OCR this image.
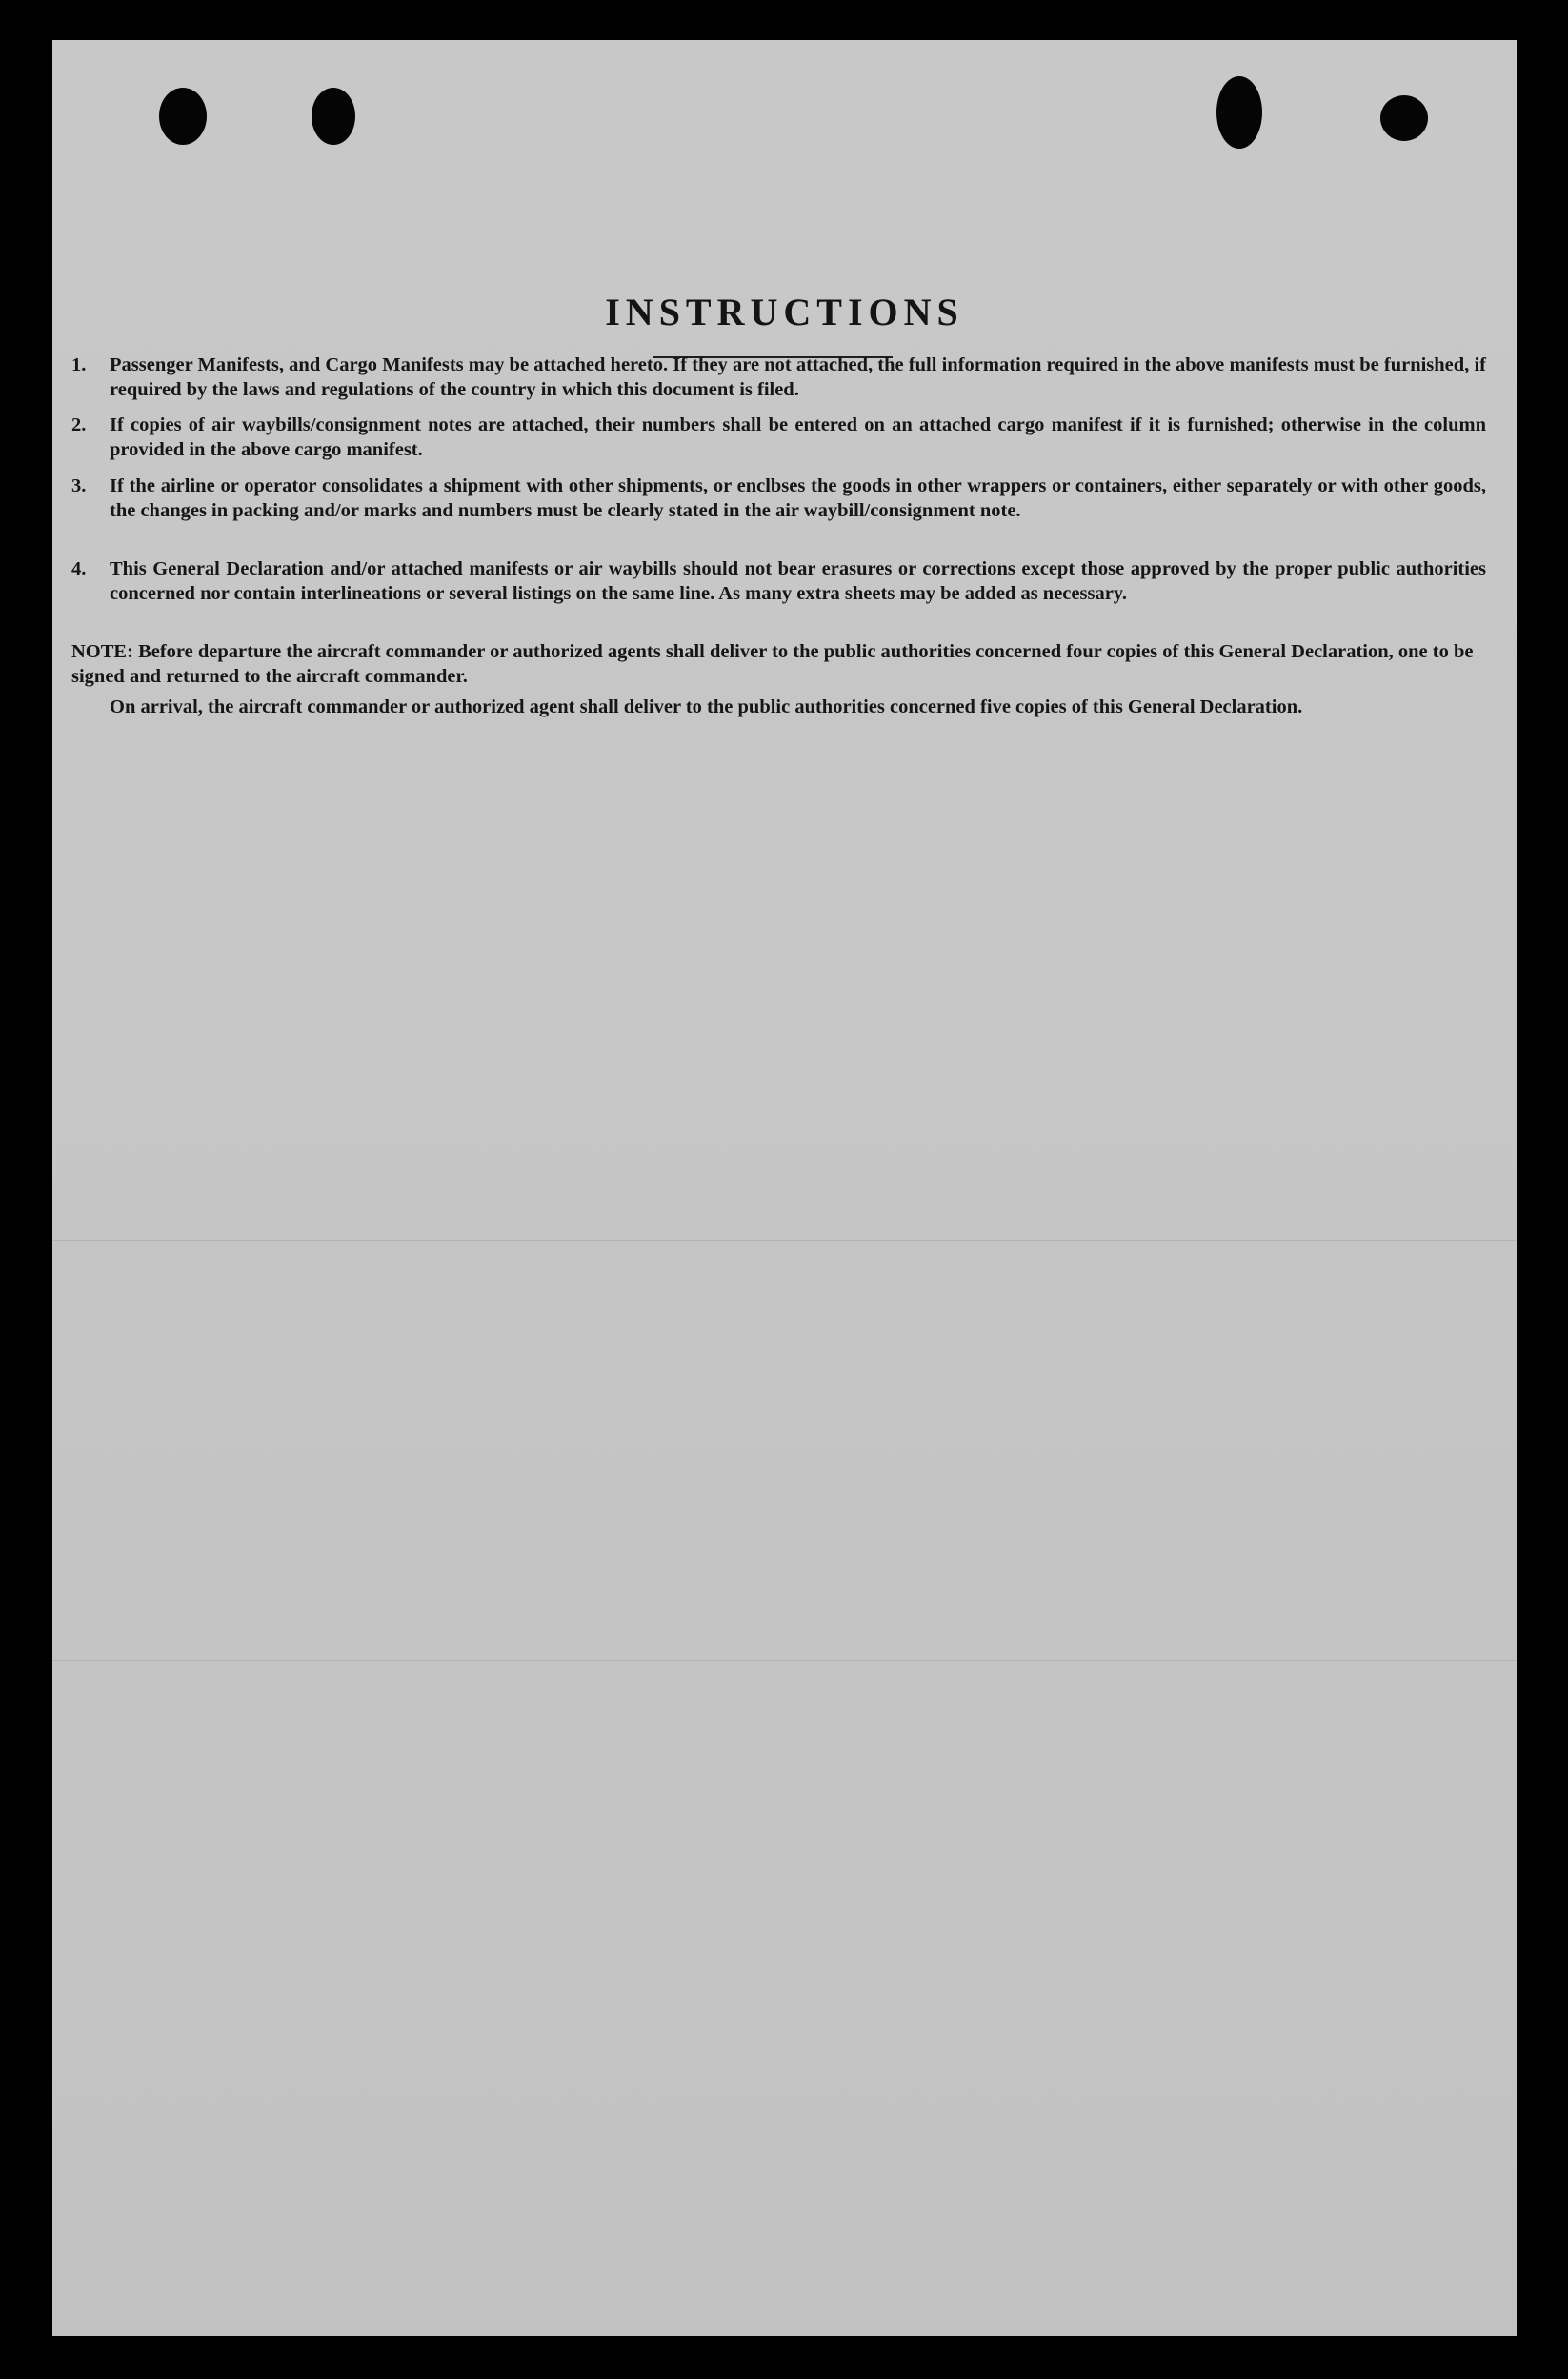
INSTRUCTIONS
1. Passenger Manifests, and Cargo Manifests may be attached hereto. If they are not attached, the full information required in the above manifests must be furnished, if required by the laws and regulations of the country in which this document is filed.
2. If copies of air waybills/consignment notes are attached, their numbers shall be entered on an attached cargo manifest if it is furnished; otherwise in the column provided in the above cargo manifest.
3. If the airline or operator consolidates a shipment with other shipments, or enclbses the goods in other wrappers or containers, either separately or with other goods, the changes in packing and/or marks and numbers must be clearly stated in the air waybill/consignment note.
4. This General Declaration and/or attached manifests or air waybills should not bear erasures or corrections except those approved by the proper public authorities concerned nor contain interlineations or several listings on the same line. As many extra sheets may be added as necessary.
NOTE: Before departure the aircraft commander or authorized agents shall deliver to the public authorities concerned four copies of this General Declaration, one to be signed and returned to the aircraft commander.
On arrival, the aircraft commander or authorized agent shall deliver to the public authorities concerned five copies of this General Declaration.
